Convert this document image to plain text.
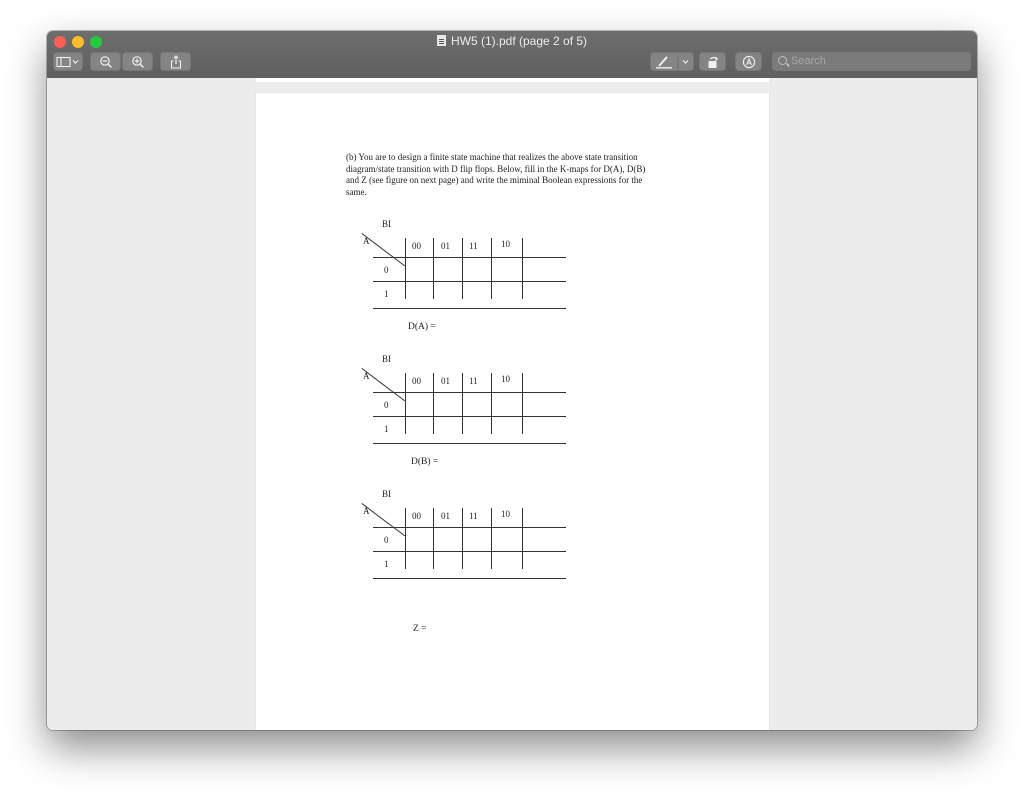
HW5 (1).pdf (page 2 of 5)
Search
(b) You are to design a finite state machine that realizes the above state transition
diagram/state transition with D flip flops. Below, fill in the K-maps for D(A), D(B)
and Z (see figure on next page) and write the miminal Boolean expressions for the
same.
BI
A	00 01 11	10
0
1
D(A) =
BI
A	00 01 11	10
0
1
D(B) =
BI
A	00 01 11	10
0
1
Z =
